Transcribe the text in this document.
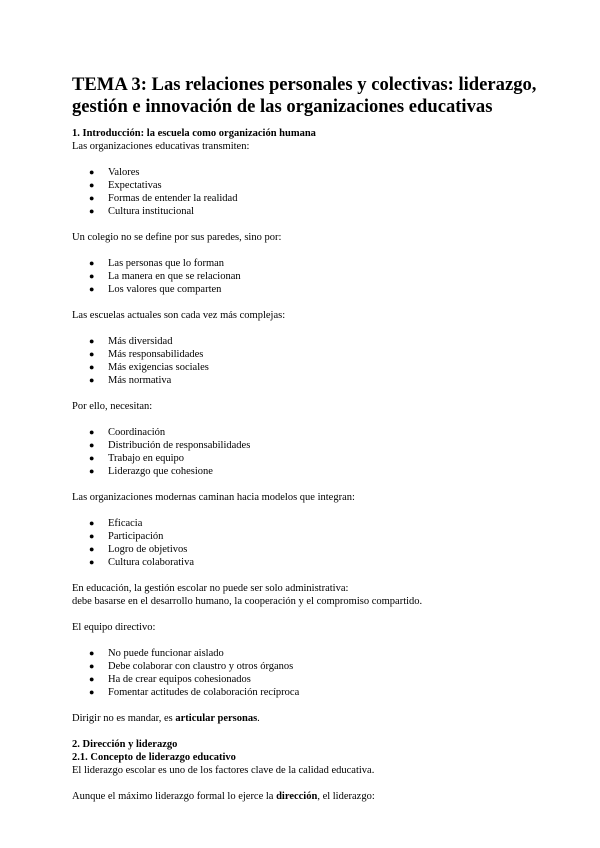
TEMA 3: Las relaciones personales y colectivas: liderazgo, gestión e innovación de las organizaciones educativas
1. Introducción: la escuela como organización humana
Las organizaciones educativas transmiten:
● Valores
● Expectativas
● Formas de entender la realidad
● Cultura institucional
Un colegio no se define por sus paredes, sino por:
● Las personas que lo forman
● La manera en que se relacionan
● Los valores que comparten
Las escuelas actuales son cada vez más complejas:
● Más diversidad
● Más responsabilidades
● Más exigencias sociales
● Más normativa
Por ello, necesitan:
● Coordinación
● Distribución de responsabilidades
● Trabajo en equipo
● Liderazgo que cohesione
Las organizaciones modernas caminan hacia modelos que integran:
● Eficacia
● Participación
● Logro de objetivos
● Cultura colaborativa
En educación, la gestión escolar no puede ser solo administrativa:
debe basarse en el desarrollo humano, la cooperación y el compromiso compartido.
El equipo directivo:
● No puede funcionar aislado
● Debe colaborar con claustro y otros órganos
● Ha de crear equipos cohesionados
● Fomentar actitudes de colaboración recíproca
Dirigir no es mandar, es articular personas.
2. Dirección y liderazgo
2.1. Concepto de liderazgo educativo
El liderazgo escolar es uno de los factores clave de la calidad educativa.
Aunque el máximo liderazgo formal lo ejerce la dirección, el liderazgo:
